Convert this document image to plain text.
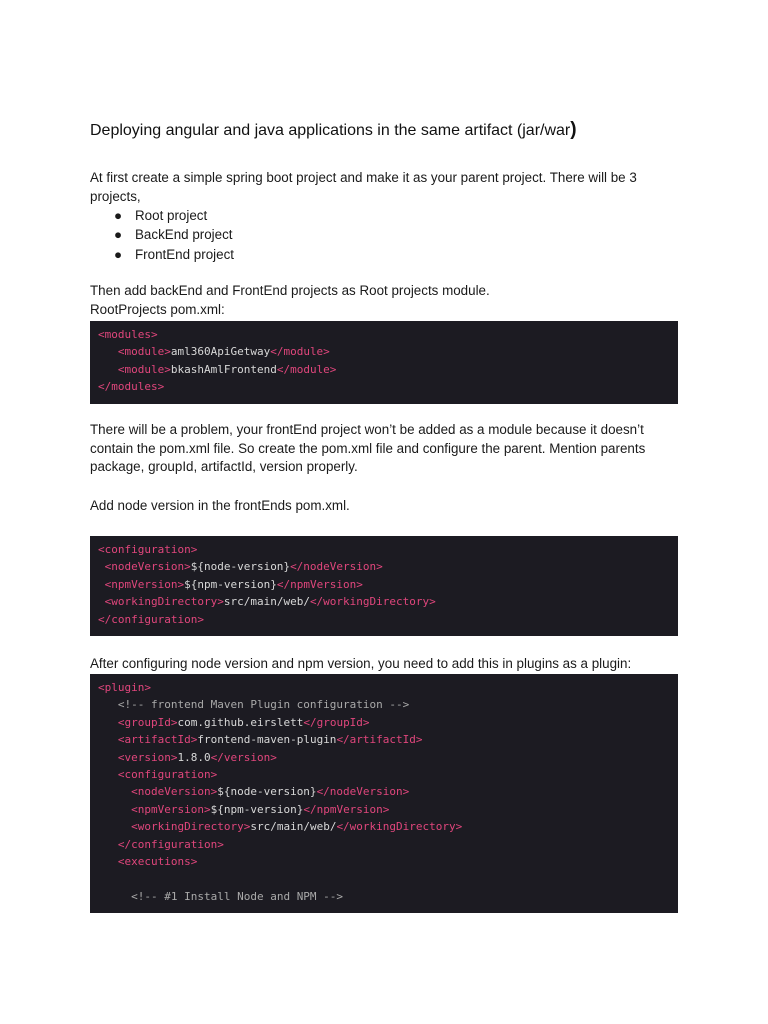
Deploying angular and java applications in the same artifact (jar/war)

At first create a simple spring boot project and make it as your parent project. There will be 3 projects,

● Root project
● BackEnd project
● FrontEnd project

Then add backEnd and FrontEnd projects as Root projects module.

RootProjects pom.xml:

<modules>
<module>aml360ApiGetway</module>
<module>bkashAmlFrontend</module>
</modules>

There will be a problem, your frontEnd project won’t be added as a module because it doesn’t contain the pom.xml file. So create the pom.xml file and configure the parent. Mention parents package, groupId, artifactId, version properly.

Add node version in the frontEnds pom.xml.

<configuration>
<nodeVersion>${node-version}</nodeVersion>
<npmVersion>${npm-version}</npmVersion>
<workingDirectory>src/main/web/</workingDirectory>
</configuration>

After configuring node version and npm version, you need to add this in plugins as a plugin:

<plugin>
<!-- frontend Maven Plugin configuration -->
<groupId>com.github.eirslett</groupId>
<artifactId>frontend-maven-plugin</artifactId>
<version>1.8.0</version>
<configuration>
<nodeVersion>${node-version}</nodeVersion>
<npmVersion>${npm-version}</npmVersion>
<workingDirectory>src/main/web/</workingDirectory>
</configuration>
<executions>

<!-- #1 Install Node and NPM -->
